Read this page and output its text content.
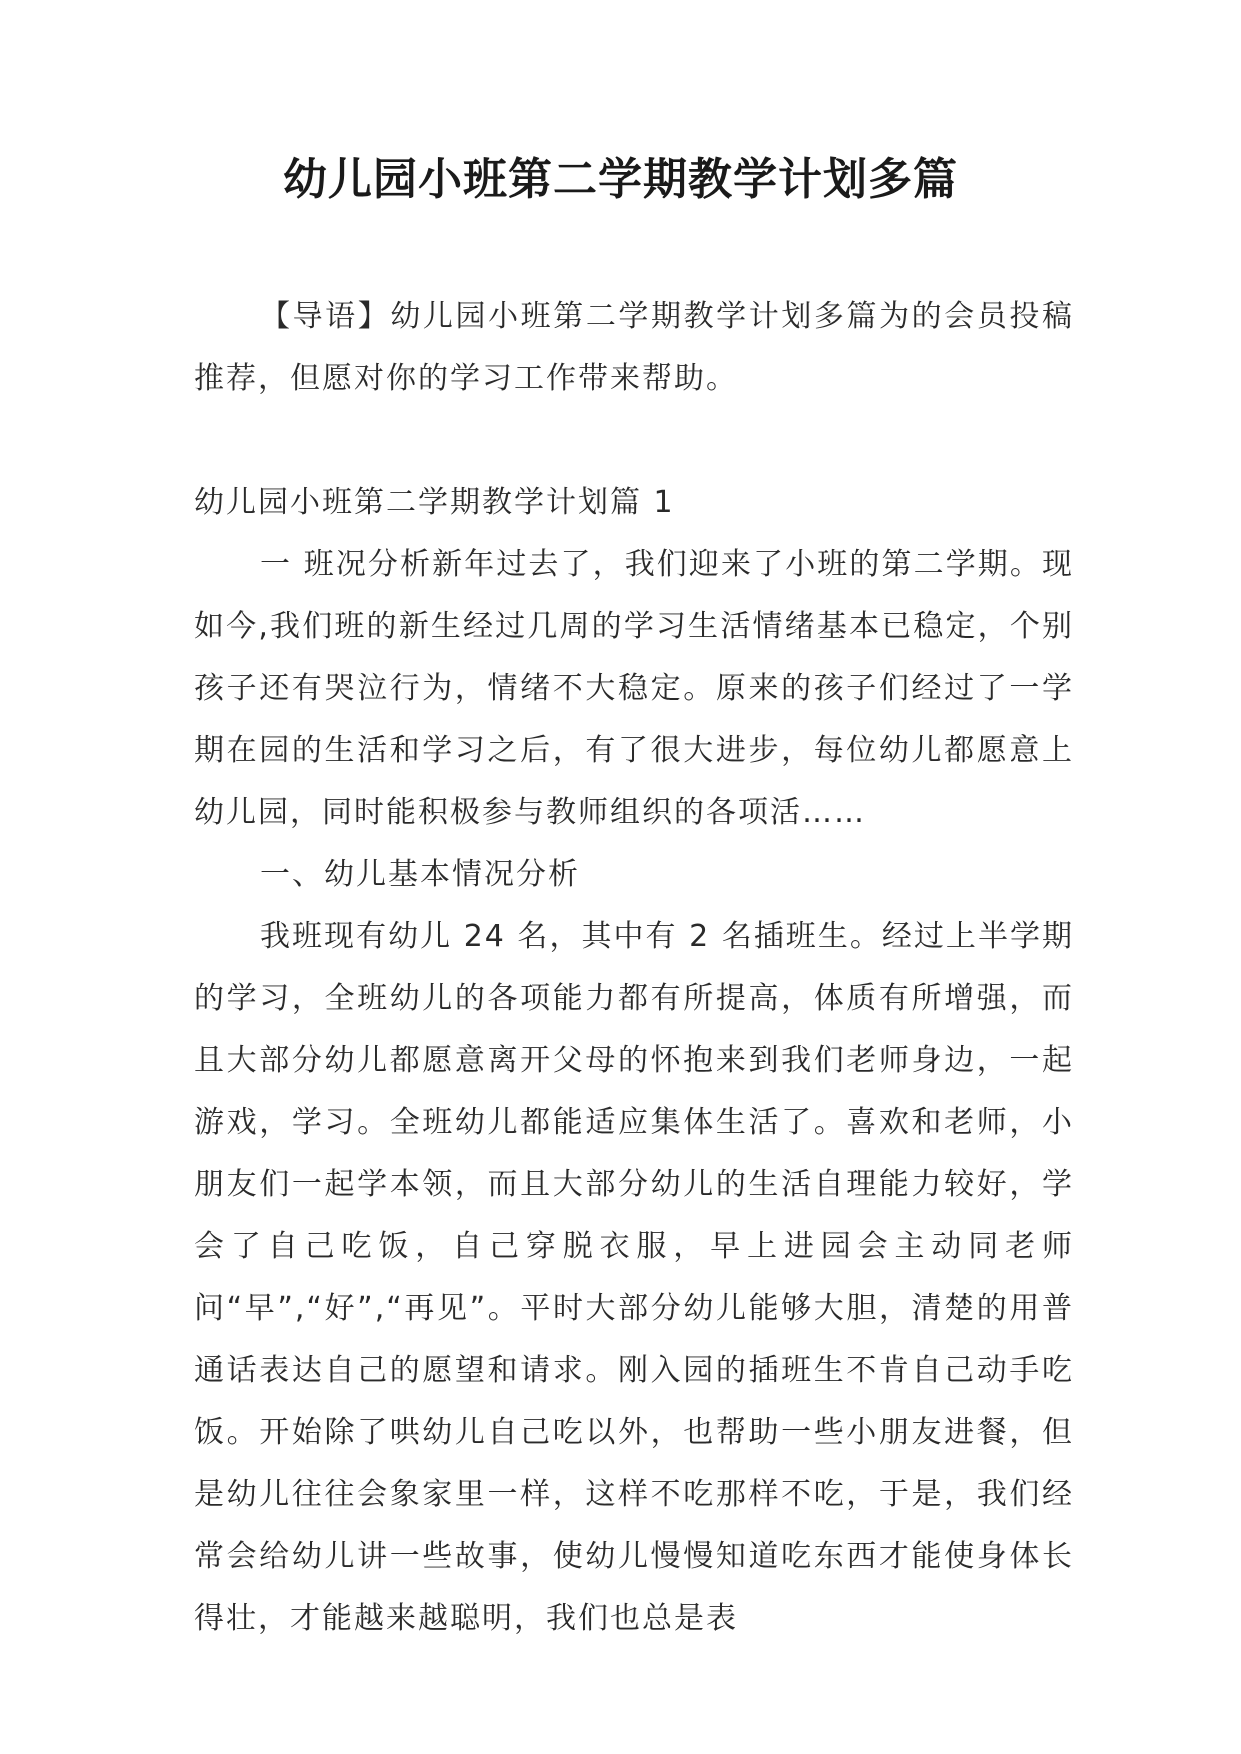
幼儿园小班第二学期教学计划多篇

【导语】幼儿园小班第二学期教学计划多篇为的会员投稿推荐，但愿对你的学习工作带来帮助。

幼儿园小班第二学期教学计划篇 1

一 班况分析新年过去了，我们迎来了小班的第二学期。现如今,我们班的新生经过几周的学习生活情绪基本已稳定，个别孩子还有哭泣行为，情绪不大稳定。原来的孩子们经过了一学期在园的生活和学习之后，有了很大进步，每位幼儿都愿意上幼儿园，同时能积极参与教师组织的各项活……

一、幼儿基本情况分析

我班现有幼儿 24 名，其中有 2 名插班生。经过上半学期的学习，全班幼儿的各项能力都有所提高，体质有所增强，而且大部分幼儿都愿意离开父母的怀抱来到我们老师身边，一起游戏，学习。全班幼儿都能适应集体生活了。喜欢和老师，小朋友们一起学本领，而且大部分幼儿的生活自理能力较好，学会了自己吃饭，自己穿脱衣服，早上进园会主动同老师问“早”,“好”,“再见”。平时大部分幼儿能够大胆，清楚的用普通话表达自己的愿望和请求。刚入园的插班生不肯自己动手吃饭。开始除了哄幼儿自己吃以外，也帮助一些小朋友进餐，但是幼儿往往会象家里一样，这样不吃那样不吃，于是，我们经常会给幼儿讲一些故事，使幼儿慢慢知道吃东西才能使身体长得壮，才能越来越聪明，我们也总是表
